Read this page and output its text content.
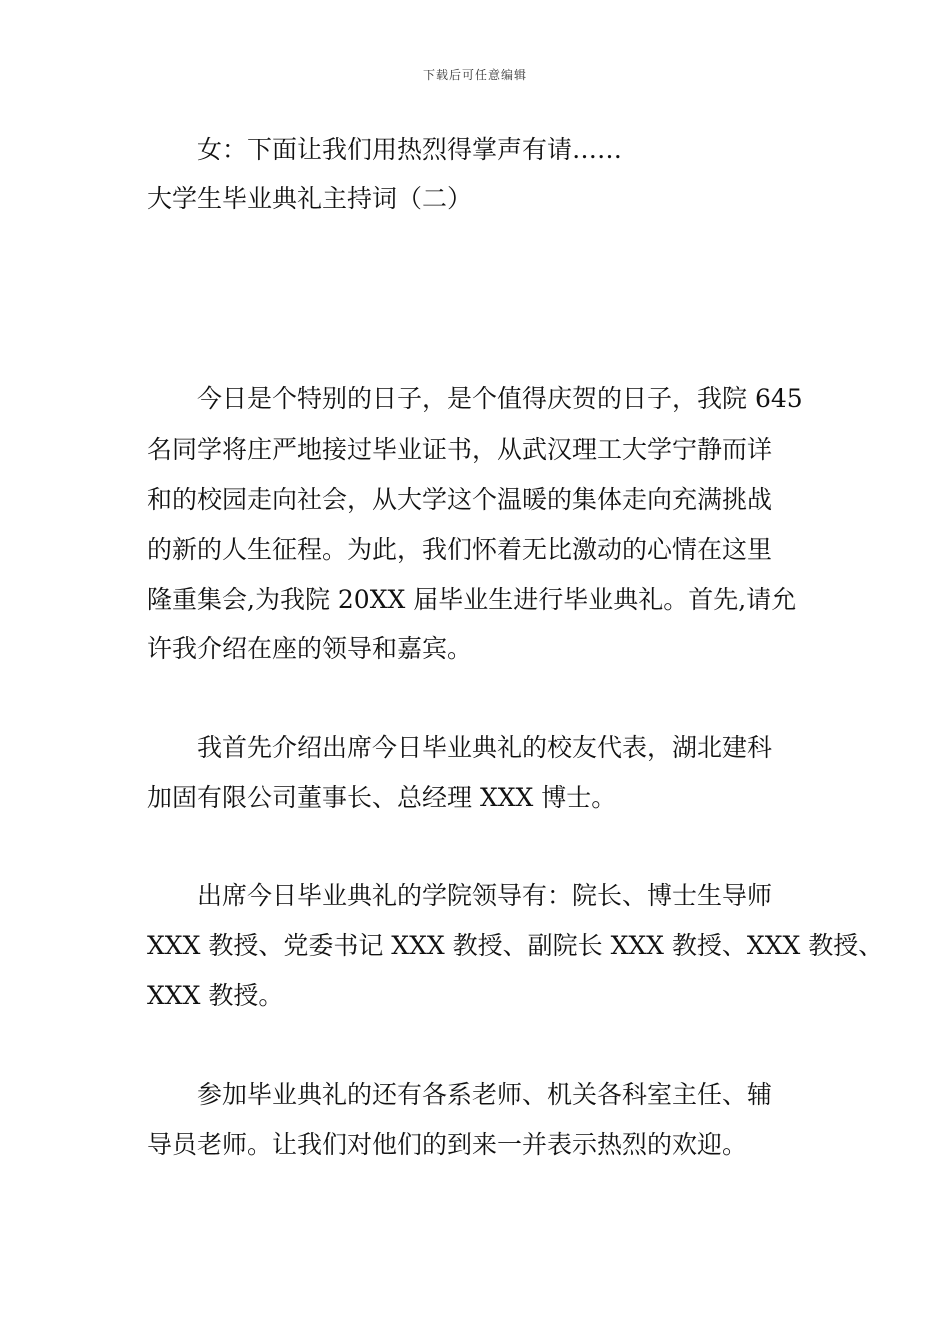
下载后可任意编辑
女：下面让我们用热烈得掌声有请……
大学生毕业典礼主持词（二）
今日是个特别的日子，是个值得庆贺的日子，我院 645
名同学将庄严地接过毕业证书，从武汉理工大学宁静而详
和的校园走向社会，从大学这个温暖的集体走向充满挑战
的新的人生征程。为此，我们怀着无比激动的心情在这里
隆重集会,为我院 20XX 届毕业生进行毕业典礼。首先,请允
许我介绍在座的领导和嘉宾。
我首先介绍出席今日毕业典礼的校友代表，湖北建科
加固有限公司董事长、总经理 XXX 博士。
出席今日毕业典礼的学院领导有：院长、博士生导师
XXX 教授、党委书记 XXX 教授、副院长 XXX 教授、XXX 教授、
XXX 教授。
参加毕业典礼的还有各系老师、机关各科室主任、辅
导员老师。让我们对他们的到来一并表示热烈的欢迎。
